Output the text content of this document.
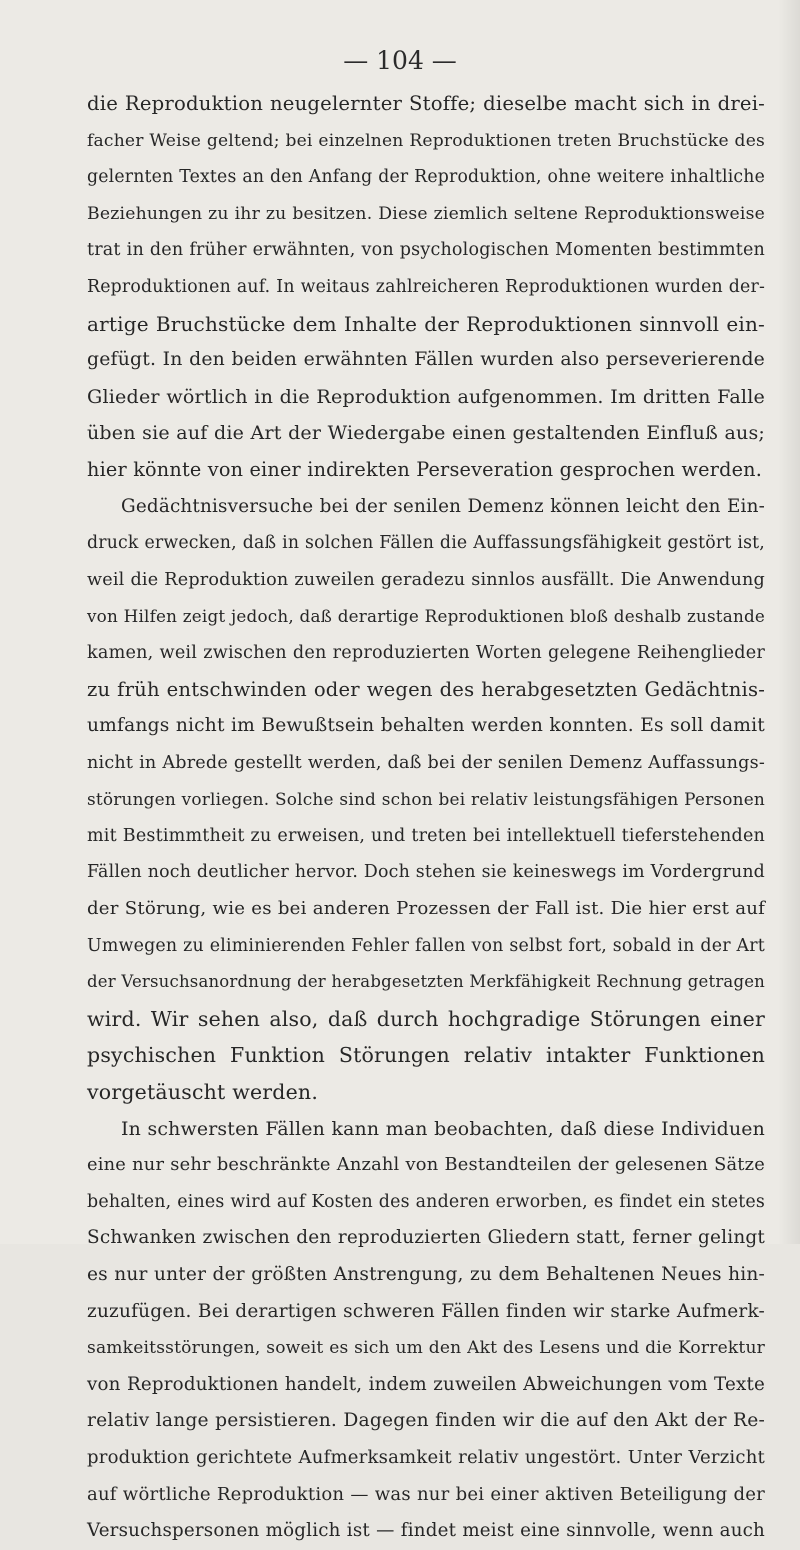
— 104 —
die Reproduktion neugelernter Stoffe; dieselbe macht sich in drei-
facher Weise geltend; bei einzelnen Reproduktionen treten Bruchstücke des
gelernten Textes an den Anfang der Reproduktion, ohne weitere inhaltliche
Beziehungen zu ihr zu besitzen. Diese ziemlich seltene Reproduktionsweise
trat in den früher erwähnten, von psychologischen Momenten bestimmten
Reproduktionen auf. In weitaus zahlreicheren Reproduktionen wurden der-
artige Bruchstücke dem Inhalte der Reproduktionen sinnvoll ein-
gefügt. In den beiden erwähnten Fällen wurden also perseverierende
Glieder wörtlich in die Reproduktion aufgenommen. Im dritten Falle
üben sie auf die Art der Wiedergabe einen gestaltenden Einfluß aus;
hier könnte von einer indirekten Perseveration gesprochen werden.
Gedächtnisversuche bei der senilen Demenz können leicht den Ein-
druck erwecken, daß in solchen Fällen die Auffassungsfähigkeit gestört ist,
weil die Reproduktion zuweilen geradezu sinnlos ausfällt. Die Anwendung
von Hilfen zeigt jedoch, daß derartige Reproduktionen bloß deshalb zustande
kamen, weil zwischen den reproduzierten Worten gelegene Reihenglieder
zu früh entschwinden oder wegen des herabgesetzten Gedächtnis-
umfangs nicht im Bewußtsein behalten werden konnten. Es soll damit
nicht in Abrede gestellt werden, daß bei der senilen Demenz Auffassungs-
störungen vorliegen. Solche sind schon bei relativ leistungsfähigen Personen
mit Bestimmtheit zu erweisen, und treten bei intellektuell tieferstehenden
Fällen noch deutlicher hervor. Doch stehen sie keineswegs im Vordergrund
der Störung, wie es bei anderen Prozessen der Fall ist. Die hier erst auf
Umwegen zu eliminierenden Fehler fallen von selbst fort, sobald in der Art
der Versuchsanordnung der herabgesetzten Merkfähigkeit Rechnung getragen
wird. Wir sehen also, daß durch hochgradige Störungen einer
psychischen Funktion Störungen relativ intakter Funktionen
vorgetäuscht werden.
In schwersten Fällen kann man beobachten, daß diese Individuen
eine nur sehr beschränkte Anzahl von Bestandteilen der gelesenen Sätze
behalten, eines wird auf Kosten des anderen erworben, es findet ein stetes
Schwanken zwischen den reproduzierten Gliedern statt, ferner gelingt
es nur unter der größten Anstrengung, zu dem Behaltenen Neues hin-
zuzufügen. Bei derartigen schweren Fällen finden wir starke Aufmerk-
samkeitsstörungen, soweit es sich um den Akt des Lesens und die Korrektur
von Reproduktionen handelt, indem zuweilen Abweichungen vom Texte
relativ lange persistieren. Dagegen finden wir die auf den Akt der Re-
produktion gerichtete Aufmerksamkeit relativ ungestört. Unter Verzicht
auf wörtliche Reproduktion — was nur bei einer aktiven Beteiligung der
Versuchspersonen möglich ist — findet meist eine sinnvolle, wenn auch
